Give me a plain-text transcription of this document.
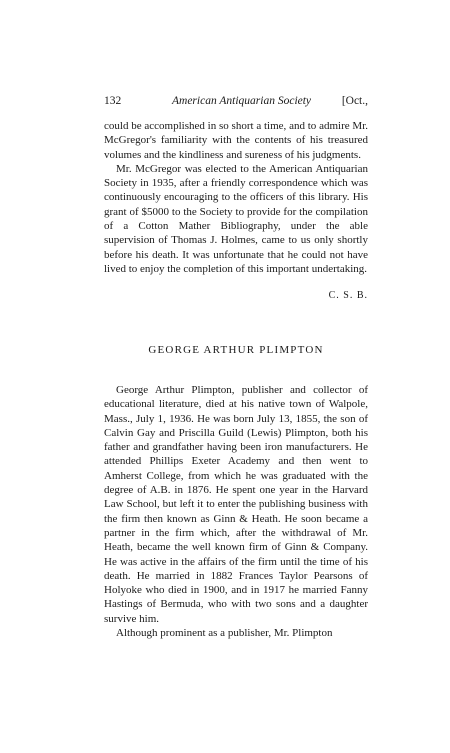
132	American Antiquarian Society	[Oct.,

could be accomplished in so short a time, and to admire Mr. McGregor's familiarity with the contents of his treasured volumes and the kindliness and sureness of his judgments.

Mr. McGregor was elected to the American Antiquarian Society in 1935, after a friendly correspondence which was continuously encouraging to the officers of this library. His grant of $5000 to the Society to provide for the compilation of a Cotton Mather Bibliography, under the able supervision of Thomas J. Holmes, came to us only shortly before his death. It was unfortunate that he could not have lived to enjoy the completion of this important undertaking.

C. S. B.
GEORGE ARTHUR PLIMPTON

George Arthur Plimpton, publisher and collector of educational literature, died at his native town of Walpole, Mass., July 1, 1936. He was born July 13, 1855, the son of Calvin Gay and Priscilla Guild (Lewis) Plimpton, both his father and grandfather having been iron manufacturers. He attended Phillips Exeter Academy and then went to Amherst College, from which he was graduated with the degree of A.B. in 1876. He spent one year in the Harvard Law School, but left it to enter the publishing business with the firm then known as Ginn & Heath. He soon became a partner in the firm which, after the withdrawal of Mr. Heath, became the well known firm of Ginn & Company. He was active in the affairs of the firm until the time of his death. He married in 1882 Frances Taylor Pearsons of Holyoke who died in 1900, and in 1917 he married Fanny Hastings of Bermuda, who with two sons and a daughter survive him.

Although prominent as a publisher, Mr. Plimpton
